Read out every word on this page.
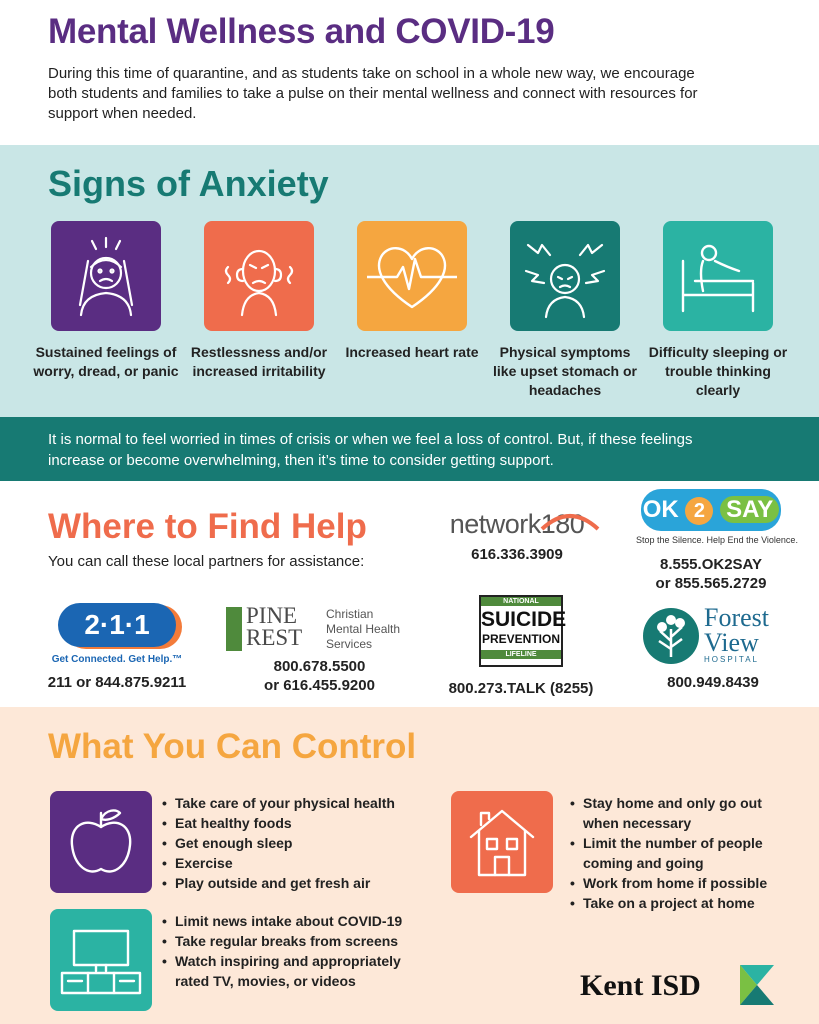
Mental Wellness and COVID-19

During this time of quarantine, and as students take on school in a whole new way, we encourage both students and families to take a pulse on their mental wellness and connect with resources for support when needed.

Signs of Anxiety
Sustained feelings of worry, dread, or panic
Restlessness and/or increased irritability
Increased heart rate	Physical symptoms like upset stomach or headaches
Difficulty sleeping or trouble thinking clearly

It is normal to feel worried in times of crisis or when we feel a loss of control. But, if these feelings increase or become overwhelming, then it’s time to consider getting support.

Where to Find Help

You can call these local partners for assistance:

network180
616.336.3909
OK 2 SAY
Stop the Silence. Help End the Violence.
8.555.OK2SAY
or 855.565.2729
2·1·1
Get Connected. Get Help.™
211 or 844.875.9211
PINE
REST
Christian
Mental Health
Services
800.678.5500
or 616.455.9200
NATIONAL
SUICIDE
PREVENTION
LIFELINE
800.273.TALK (8255)
Forest
View
HOSPITAL
800.949.8439
What You Can Control
• Take care of your physical health
• Eat healthy foods
• Get enough sleep
• Exercise
• Play outside and get fresh air
• Limit news intake about COVID-19
• Take regular breaks from screens
• Watch inspiring and appropriately
rated TV, movies, or videos
• Stay home and only go out
when necessary
• Limit the number of people
coming and going
• Work from home if possible
• Take on a project at home
Kent ISD
